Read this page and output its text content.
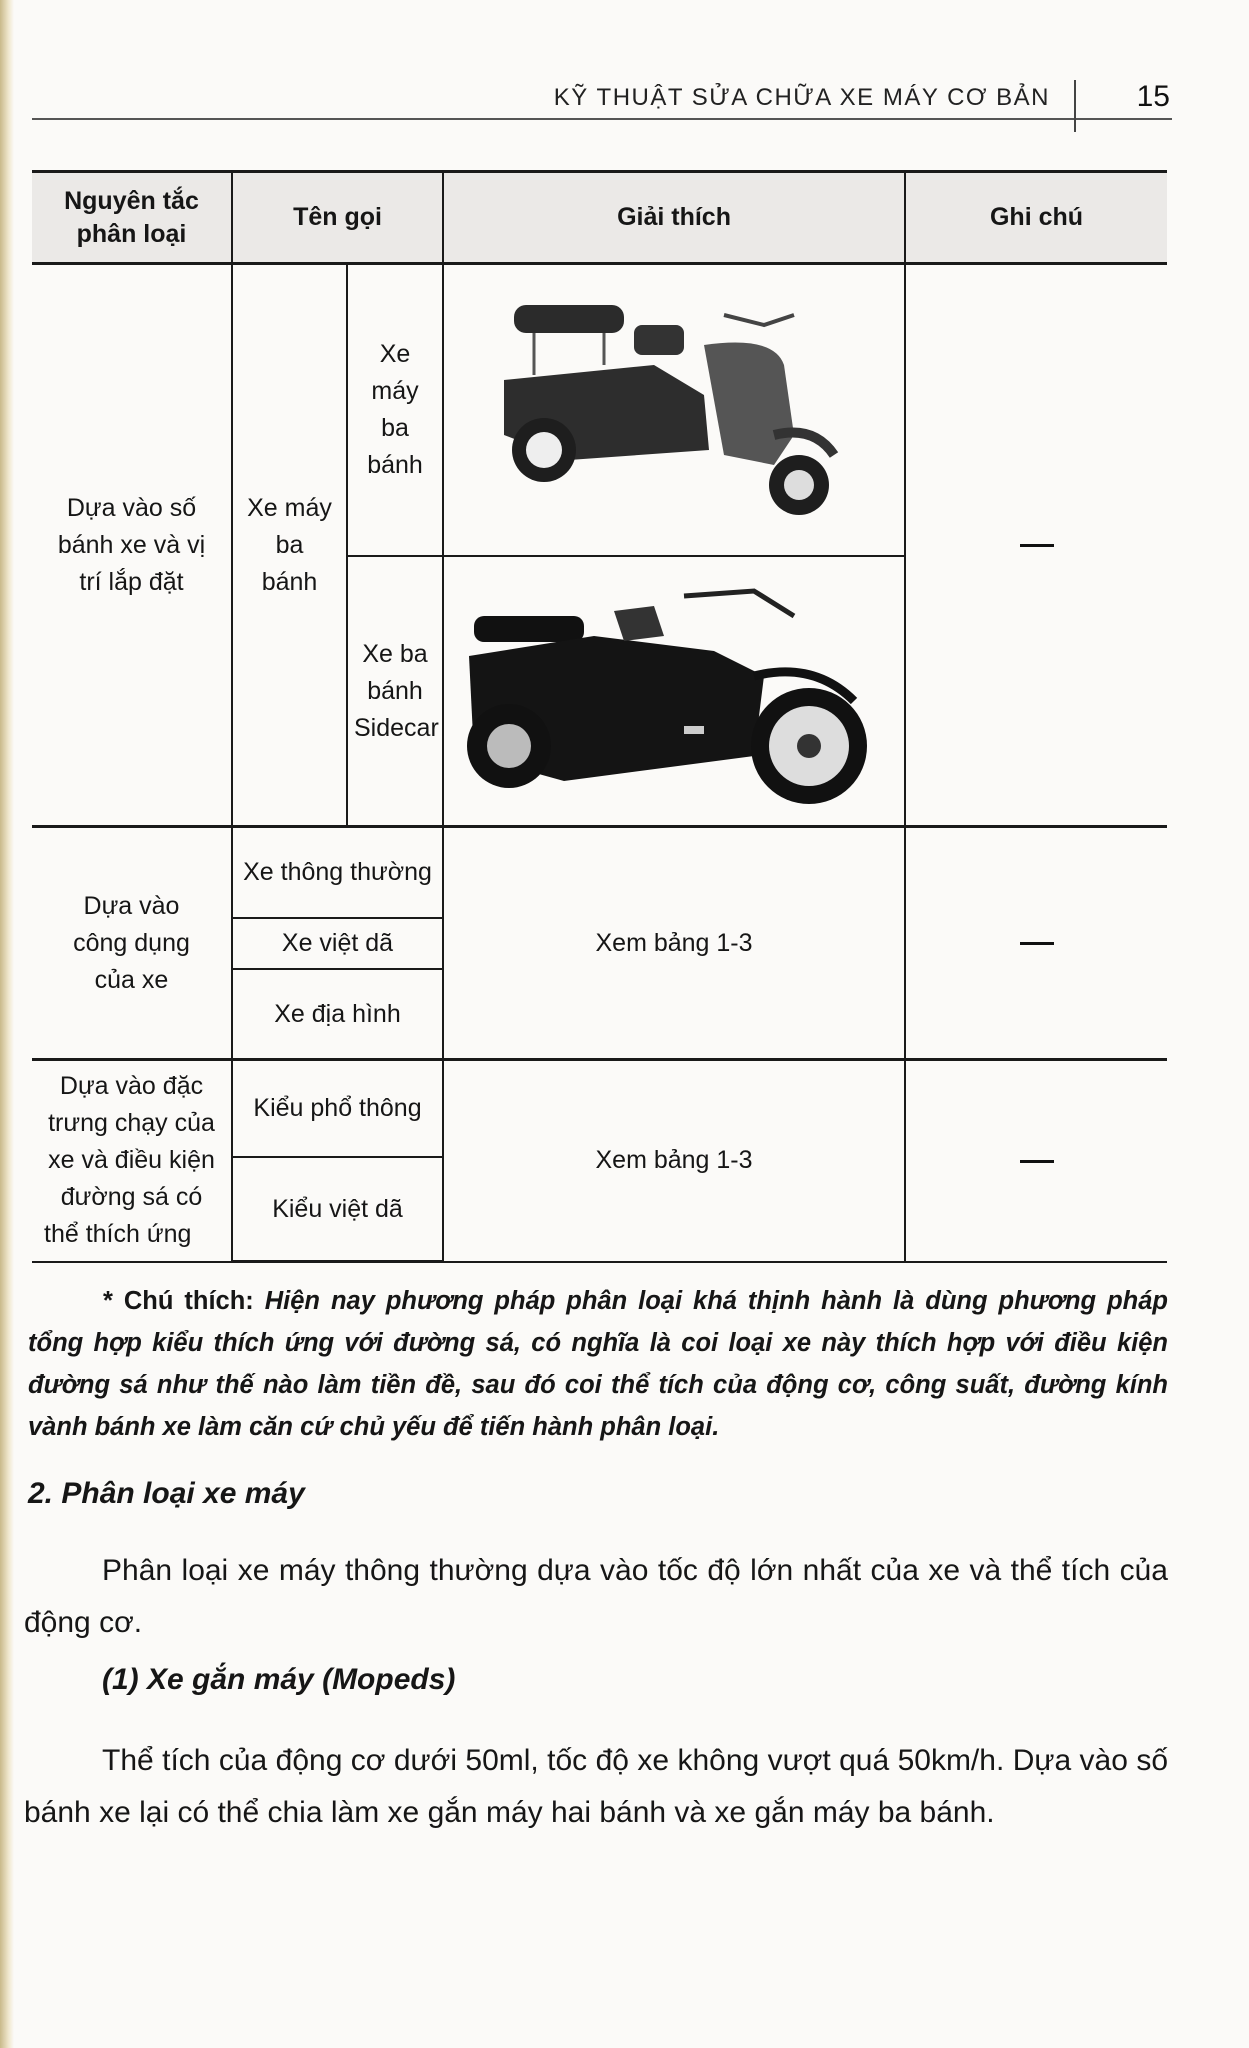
KỸ THUẬT SỬA CHỮA XE MÁY CƠ BẢN	15
Nguyên tắc phân loại	Tên gọi		Giải thích	Ghi chú
Dựa vào số bánh xe và vị trí lắp đặt	Xe máy ba bánh	Xe máy ba bánh	

		Xe ba bánh Sidecar	

Dựa vào công dụng của xe	Xe thông thường		Xem bảng 1-3	
	Xe việt dã			
	Xe địa hình			
Dựa vào đặc trưng chạy của xe và điều kiện đường sá có thể thích ứng	Kiểu phổ thông		Xem bảng 1-3	
	Kiểu việt dã			

* Chú thích: Hiện nay phương pháp phân loại khá thịnh hành là dùng phương pháp tổng hợp kiểu thích ứng với đường sá, có nghĩa là coi loại xe này thích hợp với điều kiện đường sá như thế nào làm tiền đề, sau đó coi thể tích của động cơ, công suất, đường kính vành bánh xe làm căn cứ chủ yếu để tiến hành phân loại.

2. Phân loại xe máy

Phân loại xe máy thông thường dựa vào tốc độ lớn nhất của xe và thể tích của động cơ.

(1) Xe gắn máy (Mopeds)

Thể tích của động cơ dưới 50ml, tốc độ xe không vượt quá 50km/h. Dựa vào số bánh xe lại có thể chia làm xe gắn máy hai bánh và xe gắn máy ba bánh.
